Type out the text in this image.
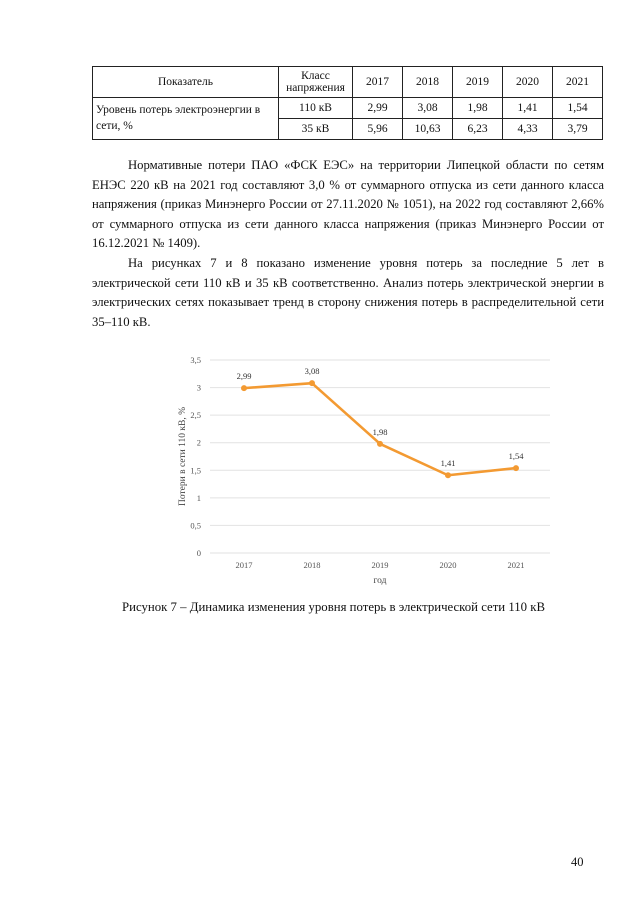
Показатель	Класс напряжения	2017	2018	2019	2020	2021
Уровень потерь электроэнергии в сети, %	110 кВ	2,99	3,08	1,98	1,41	1,54
	35 кВ	5,96	10,63	6,23	4,33	3,79

Нормативные потери ПАО «ФСК ЕЭС» на территории Липецкой области по сетям ЕНЭС 220 кВ на 2021 год составляют 3,0 % от суммарного отпуска из сети данного класса напряжения (приказ Минэнерго России от 27.11.2020 № 1051), на 2022 год составляют 2,66% от суммарного отпуска из сети данного класса напряжения (приказ Минэнерго России от 16.12.2021 № 1409).

На рисунках 7 и 8 показано изменение уровня потерь за последние 5 лет в электрической сети 110 кВ и 35 кВ соответственно. Анализ потерь электрической энергии в электрических сетях показывает тренд в сторону снижения потерь в распределительной сети 35–110 кВ.

0
0,5
1
1,5
2
2,5
3
3,5
2017	2018	2019	2020	2021
год
Потери в сети 110 кВ, %
2,99	3,08
1,98
1,41
1,54

Рисунок 7 – Динамика изменения уровня потерь в электрической сети 110 кВ

40
